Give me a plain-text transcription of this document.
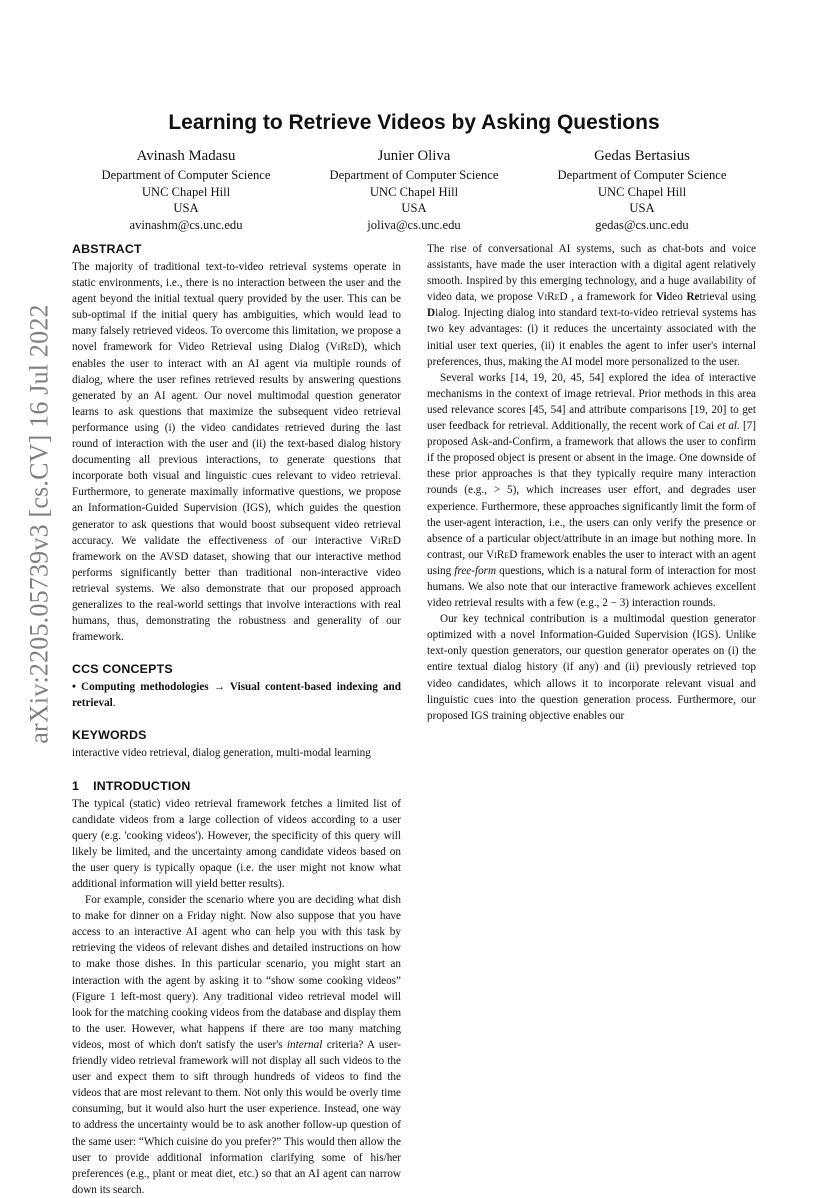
arXiv:2205.05739v3 [cs.CV] 16 Jul 2022
Learning to Retrieve Videos by Asking Questions
Avinash Madasu
Department of Computer Science
UNC Chapel Hill
USA
avinashm@cs.unc.edu
Junier Oliva
Department of Computer Science
UNC Chapel Hill
USA
joliva@cs.unc.edu
Gedas Bertasius
Department of Computer Science
UNC Chapel Hill
USA
gedas@cs.unc.edu
ABSTRACT

The majority of traditional text-to-video retrieval systems operate in static environments, i.e., there is no interaction between the user and the agent beyond the initial textual query provided by the user. This can be sub-optimal if the initial query has ambiguities, which would lead to many falsely retrieved videos. To overcome this limitation, we propose a novel framework for Video Retrieval using Dialog (ViReD), which enables the user to interact with an AI agent via multiple rounds of dialog, where the user refines retrieved results by answering questions generated by an AI agent. Our novel multimodal question generator learns to ask questions that maximize the subsequent video retrieval performance using (i) the video candidates retrieved during the last round of interaction with the user and (ii) the text-based dialog history documenting all previous interactions, to generate questions that incorporate both visual and linguistic cues relevant to video retrieval. Furthermore, to generate maximally informative questions, we propose an Information-Guided Supervision (IGS), which guides the question generator to ask questions that would boost subsequent video retrieval accuracy. We validate the effectiveness of our interactive ViReD framework on the AVSD dataset, showing that our interactive method performs significantly better than traditional non-interactive video retrieval systems. We also demonstrate that our proposed approach generalizes to the real-world settings that involve interactions with real humans, thus, demonstrating the robustness and generality of our framework.

CCS CONCEPTS

• Computing methodologies → Visual content-based indexing and retrieval.

KEYWORDS

interactive video retrieval, dialog generation, multi-modal learning

1 INTRODUCTION

The typical (static) video retrieval framework fetches a limited list of candidate videos from a large collection of videos according to a user query (e.g. 'cooking videos'). However, the specificity of this query will likely be limited, and the uncertainty among candidate videos based on the user query is typically opaque (i.e. the user might not know what additional information will yield better results).

For example, consider the scenario where you are deciding what dish to make for dinner on a Friday night. Now also suppose that you have access to an interactive AI agent who can help you with this task by retrieving the videos of relevant dishes and detailed instructions on how to make those dishes. In this particular scenario, you might start an interaction with the agent by asking it to “show some cooking videos” (Figure 1 left-most query). Any traditional video retrieval model will look for the matching cooking videos from the database and display them to the user. However, what happens if there are too many matching videos, most of which don't satisfy the user's internal criteria? A user-friendly video retrieval framework will not display all such videos to the user and expect them to sift through hundreds of videos to find the videos that are most relevant to them. Not only this would be overly time consuming, but it would also hurt the user experience. Instead, one way to address the uncertainty would be to ask another follow-up question of the same user: “Which cuisine do you prefer?” This would then allow the user to provide additional information clarifying some of his/her preferences (e.g., plant or meat diet, etc.) so that an AI agent can narrow down its search.

The rise of conversational AI systems, such as chat-bots and voice assistants, have made the user interaction with a digital agent relatively smooth. Inspired by this emerging technology, and a huge availability of video data, we propose ViReD , a framework for Video Retrieval using Dialog. Injecting dialog into standard text-to-video retrieval systems has two key advantages: (i) it reduces the uncertainty associated with the initial user text queries, (ii) it enables the agent to infer user's internal preferences, thus, making the AI model more personalized to the user.

Several works [14, 19, 20, 45, 54] explored the idea of interactive mechanisms in the context of image retrieval. Prior methods in this area used relevance scores [45, 54] and attribute comparisons [19, 20] to get user feedback for retrieval. Additionally, the recent work of Cai et al. [7] proposed Ask-and-Confirm, a framework that allows the user to confirm if the proposed object is present or absent in the image. One downside of these prior approaches is that they typically require many interaction rounds (e.g., > 5), which increases user effort, and degrades user experience. Furthermore, these approaches significantly limit the form of the user-agent interaction, i.e., the users can only verify the presence or absence of a particular object/attribute in an image but nothing more. In contrast, our ViReD framework enables the user to interact with an agent using free-form questions, which is a natural form of interaction for most humans. We also note that our interactive framework achieves excellent video retrieval results with a few (e.g., 2 − 3) interaction rounds.

Our key technical contribution is a multimodal question generator optimized with a novel Information-Guided Supervision (IGS). Unlike text-only question generators, our question generator operates on (i) the entire textual dialog history (if any) and (ii) previously retrieved top video candidates, which allows it to incorporate relevant visual and linguistic cues into the question generation process. Furthermore, our proposed IGS training objective enables our
